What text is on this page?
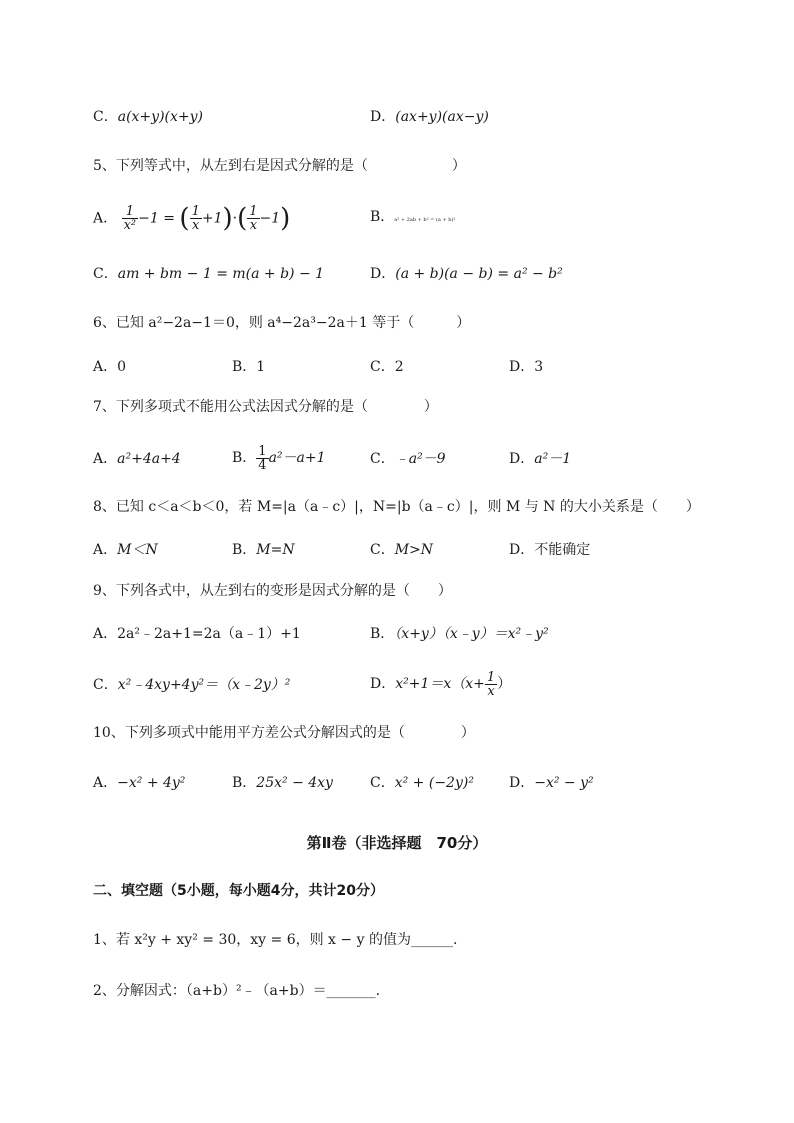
C．a(x+y)(x+y)	D．(ax+y)(ax−y)
5、下列等式中，从左到右是因式分解的是（　　　　　　）
A． $\frac{1}{\text{x²}} -1$ = ( $\frac{1}{x} +1)\cdot( \frac{1}{x} -1)$	B．a² + 2ab + b² = (a + b)²
C．am + bm − 1 = m(a + b) − 1	D．(a + b)(a − b) = a² − b²
6、已知 a²−2a−1＝0，则 a⁴−2a³−2a＋1 等于（　　　）
A．0	B．1	C．2	D．3
7、下列多项式不能用公式法因式分解的是（　　　　）
A．a²+4a+4	B． $\frac{1}{4} a^2-a+1$	C．﹣a²－9	D．a²－1
8、已知 c＜a＜b＜0，若 M=|a（a﹣c）|，N=|b（a﹣c）|，则 M 与 N 的大小关系是（　　）
A．M＜N	B．M=N	C．M>N	D．不能确定
9、下列各式中，从左到右的变形是因式分解的是（　　）
A．2a²﹣2a+1=2a（a﹣1）+1	B．（x+y）（x﹣y）＝x²﹣y²
C．x²﹣4xy+4y²＝（x﹣2y）²	D．$x^2+1=x(x+ \frac{1}{x}$ ）
10、下列多项式中能用平方差公式分解因式的是（　　　　）
A．−x² + 4y²	B．25x² − 4xy	C．x² + (−2y)²	D．−x² − y²
第Ⅱ卷（非选择题　70分）
二、填空题（5小题，每小题4分，共计20分）
1、若 x²y + xy² = 30，xy = 6，则 x − y 的值为______.
2、分解因式：（a+b）²﹣（a+b）＝_______.
